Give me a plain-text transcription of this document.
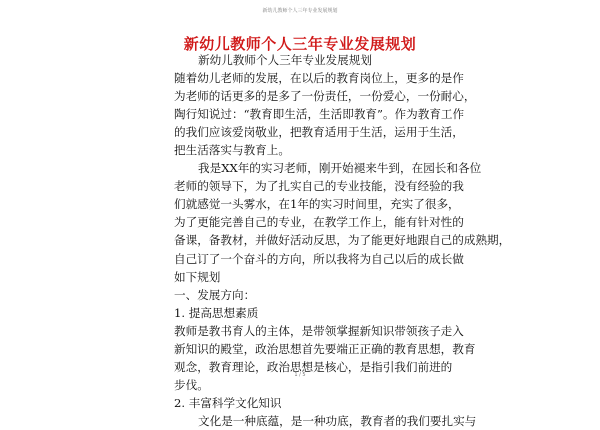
新幼儿教师个人三年专业发展规划
新幼儿教师个人三年专业发展规划
新幼儿教师个人三年专业发展规划
随着幼儿老师的发展，在以后的教育岗位上，更多的是作
为老师的话更多的是多了一份责任，一份爱心，一份耐心，
陶行知说过：“教育即生活，生活即教育”。作为教育工作
的我们应该爱岗敬业，把教育适用于生活，运用于生活，
把生活落实与教育上。
我是XX年的实习老师，刚开始褪来牛到，在园长和各位
老师的领导下，为了扎实自己的专业技能，没有经验的我
们就感觉一头雾水，在1年的实习时间里，充实了很多，
为了更能完善自己的专业，在教学工作上，能有针对性的
备课，备教材，并做好活动反思，为了能更好地跟自己的成熟期，
自己订了一个奋斗的方向，所以我将为自己以后的成长做
如下规划
一、发展方向：
1. 提高思想素质
教师是教书育人的主体，是带领掌握新知识带领孩子走入
新知识的殿堂，政治思想首先要端正正确的教育思想，教育
观念，教育理论，政治思想是核心，是指引我们前进的
步伐。
2. 丰富科学文化知识
文化是一种底蕴，是一种功底，教育者的我们要扎实与
1 / 5
